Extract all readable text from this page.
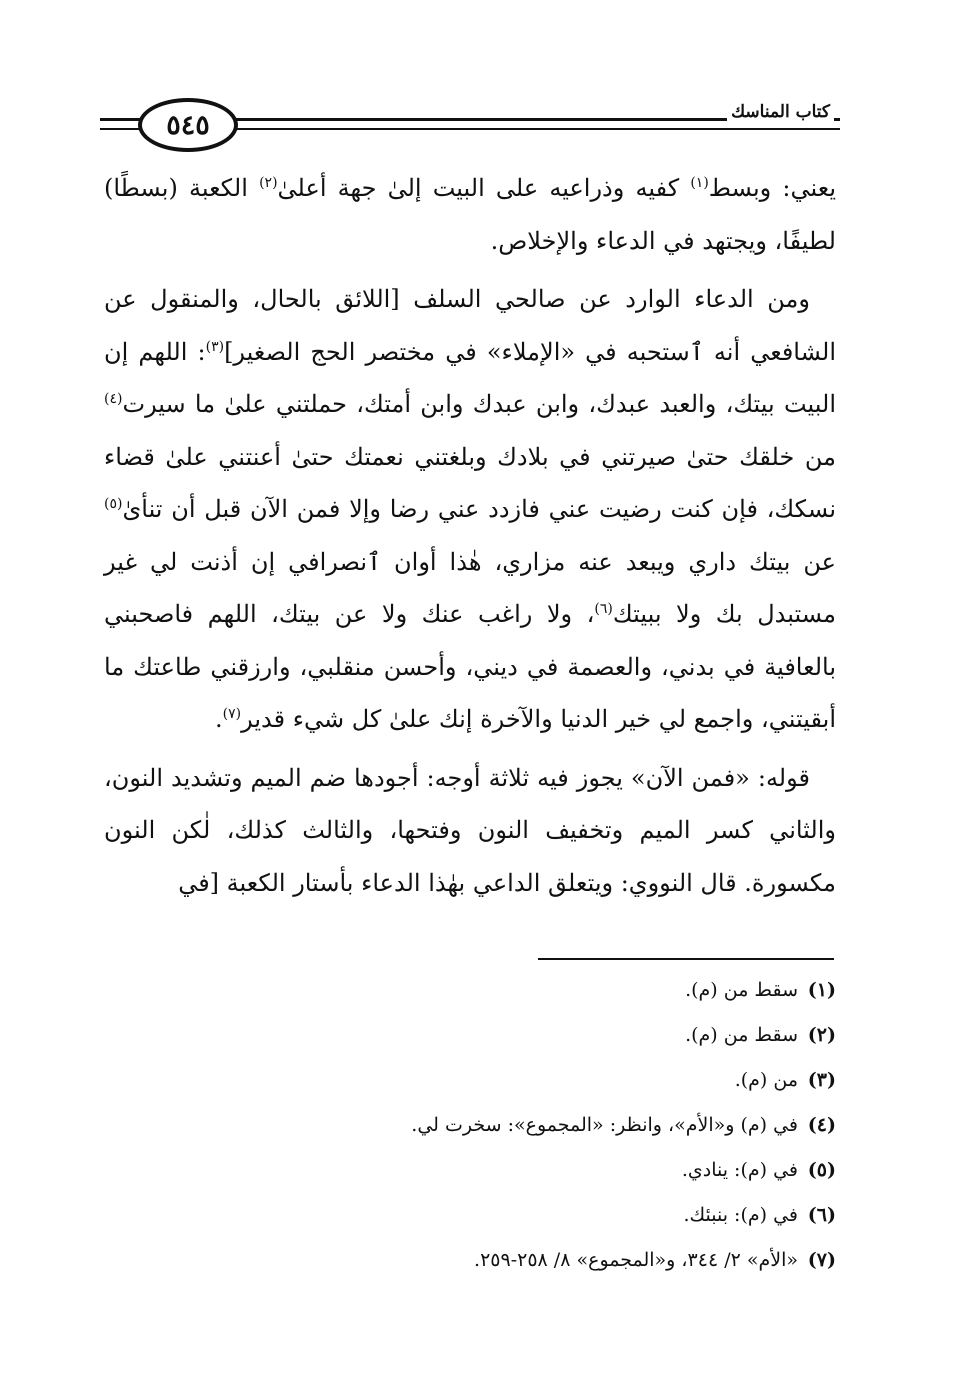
٥٤٥	كتاب المناسك

يعني: وبسط$^{(١)}$ كفيه وذراعيه على البيت إلىٰ جهة أعلىٰ$^{(٢)}$ الكعبة (بسطًا) لطيفًا، ويجتهد في الدعاء والإخلاص.

ومن الدعاء الوارد عن صالحي السلف [اللائق بالحال، والمنقول عن الشافعي أنه ٱستحبه في «الإملاء» في مختصر الحج الصغير]$^{(٣)}$: اللهم إن البيت بيتك، والعبد عبدك، وابن عبدك وابن أمتك، حملتني علىٰ ما سيرت$^{(٤)}$ من خلقك حتىٰ صيرتني في بلادك وبلغتني نعمتك حتىٰ أعنتني علىٰ قضاء نسكك، فإن كنت رضيت عني فازدد عني رضا وإلا فمن الآن قبل أن تنأىٰ$^{(٥)}$ عن بيتك داري ويبعد عنه مزاري، هٰذا أوان ٱنصرافي إن أذنت لي غير مستبدل بك ولا ببيتك$^{(٦)}$، ولا راغب عنك ولا عن بيتك، اللهم فاصحبني بالعافية في بدني، والعصمة في ديني، وأحسن منقلبي، وارزقني طاعتك ما أبقيتني، واجمع لي خير الدنيا والآخرة إنك علىٰ كل شيء قدير$^{(٧)}$.

قوله: «فمن الآن» يجوز فيه ثلاثة أوجه: أجودها ضم الميم وتشديد النون، والثاني كسر الميم وتخفيف النون وفتحها، والثالث كذلك، لٰكن النون مكسورة. قال النووي: ويتعلق الداعي بهٰذا الدعاء بأستار الكعبة [في

(١)سقط من (م).
(٢)سقط من (م).
(٣)من (م).
(٤)في (م) و«الأم»، وانظر: «المجموع»: سخرت لي.
(٥)في (م): ينادي.
(٦)في (م): بنبئك.
(٧)«الأم» ٢/ ٣٤٤، و«المجموع» ٨/ ٢٥٨-٢٥٩.
